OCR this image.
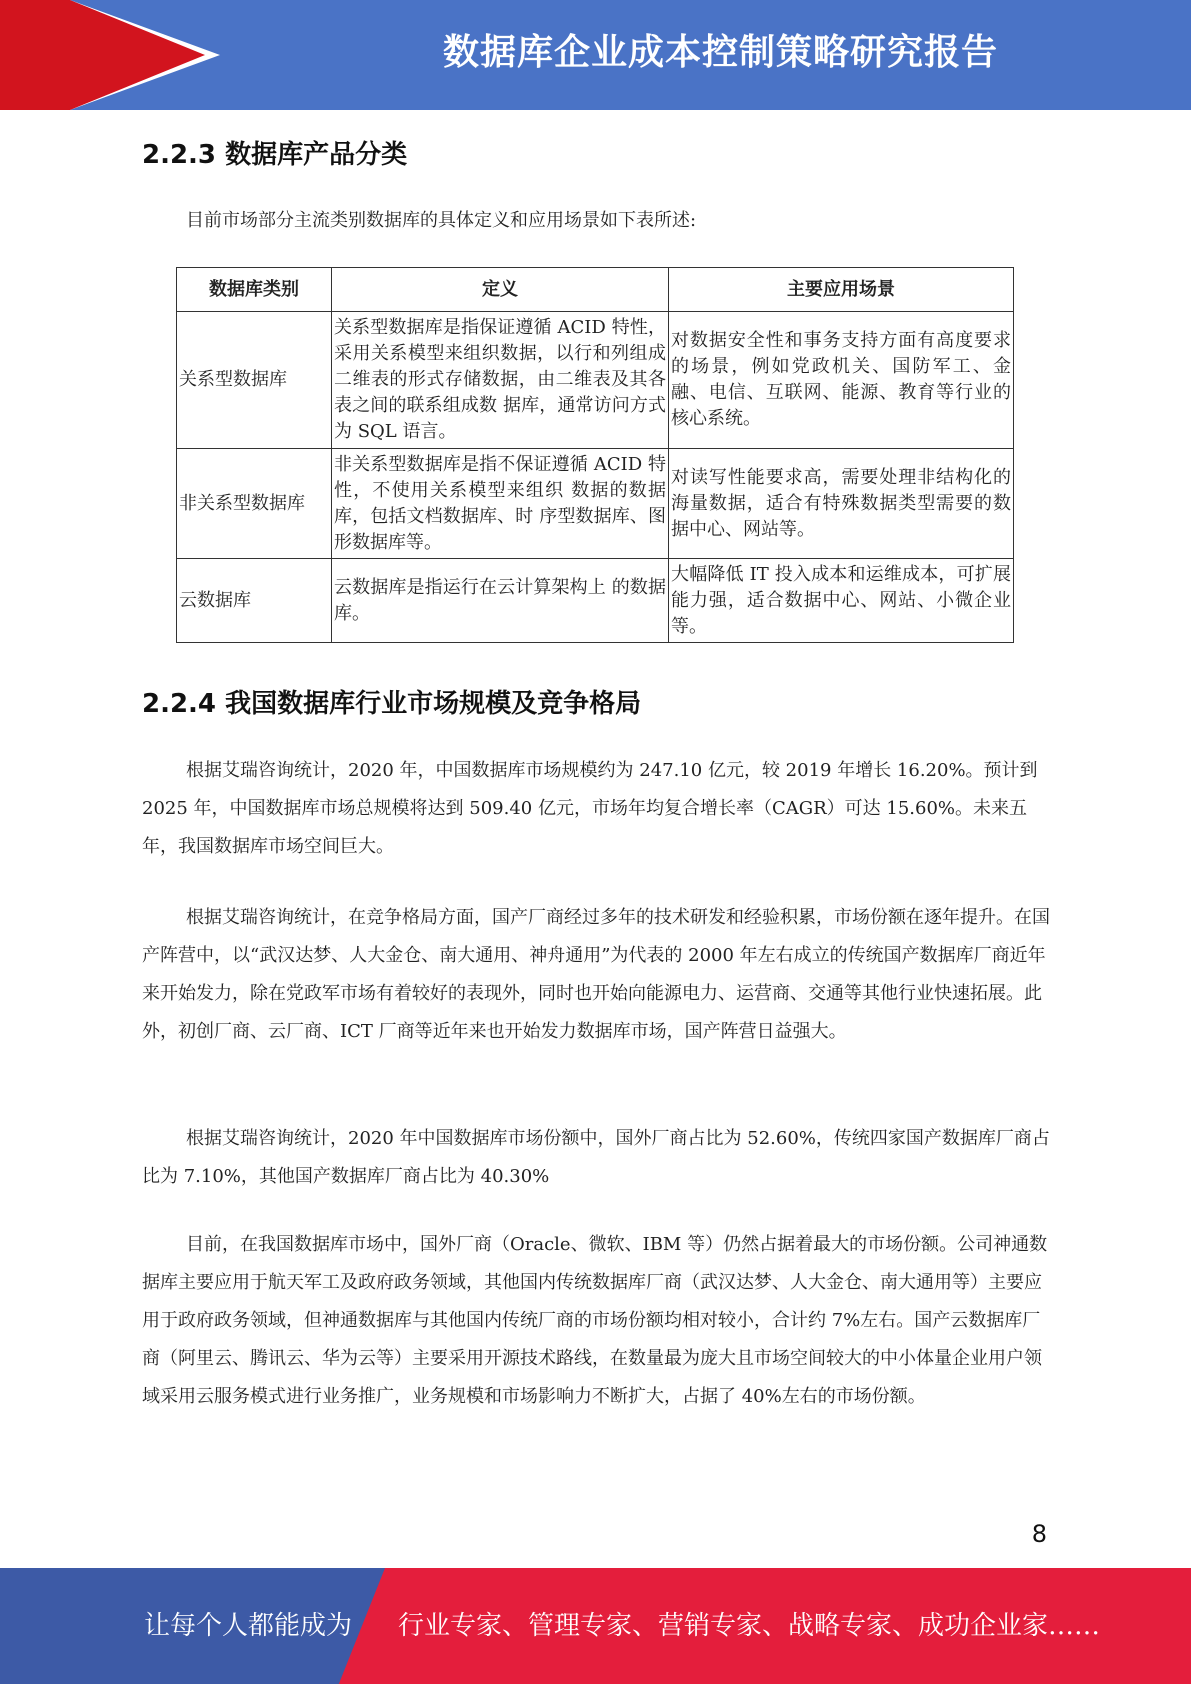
数据库企业成本控制策略研究报告
2.2.3 数据库产品分类

目前市场部分主流类别数据库的具体定义和应用场景如下表所述:

数据库类别	定义	主要应用场景
关系型数据库	关系型数据库是指保证遵循 ACID 特性，采用关系模型来组织数据，以行和列组成二维表的形式存储数据，由二维表及其各表之间的联系组成数 据库，通常访问方式为 SQL 语言。	对数据安全性和事务支持方面有高度要求的场景，例如党政机关、国防军工、金融、电信、互联网、能源、教育等行业的核心系统。
非关系型数据库	非关系型数据库是指不保证遵循 ACID 特性，不使用关系模型来组织 数据的数据库，包括文档数据库、时 序型数据库、图形数据库等。	对读写性能要求高，需要处理非结构化的海量数据，适合有特殊数据类型需要的数据中心、网站等。
云数据库	云数据库是指运行在云计算架构上 的数据库。	大幅降低 IT 投入成本和运维成本，可扩展能力强，适合数据中心、网站、小微企业等。
2.2.4 我国数据库行业市场规模及竞争格局

根据艾瑞咨询统计，2020 年，中国数据库市场规模约为 247.10 亿元，较 2019 年增长 16.20%。预计到 2025 年，中国数据库市场总规模将达到 509.40 亿元，市场年均复合增长率（CAGR）可达 15.60%。未来五年，我国数据库市场空间巨大。

根据艾瑞咨询统计，在竞争格局方面，国产厂商经过多年的技术研发和经验积累，市场份额在逐年提升。在国产阵营中，以“武汉达梦、人大金仓、南大通用、神舟通用”为代表的 2000 年左右成立的传统国产数据库厂商近年来开始发力，除在党政军市场有着较好的表现外，同时也开始向能源电力、运营商、交通等其他行业快速拓展。此外，初创厂商、云厂商、ICT 厂商等近年来也开始发力数据库市场，国产阵营日益强大。

根据艾瑞咨询统计，2020 年中国数据库市场份额中，国外厂商占比为 52.60%，传统四家国产数据库厂商占比为 7.10%，其他国产数据库厂商占比为 40.30%

目前，在我国数据库市场中，国外厂商（Oracle、微软、IBM 等）仍然占据着最大的市场份额。公司神通数据库主要应用于航天军工及政府政务领域，其他国内传统数据库厂商（武汉达梦、人大金仓、南大通用等）主要应用于政府政务领域，但神通数据库与其他国内传统厂商的市场份额均相对较小，合计约 7%左右。国产云数据库厂商（阿里云、腾讯云、华为云等）主要采用开源技术路线，在数量最为庞大且市场空间较大的中小体量企业用户领域采用云服务模式进行业务推广，业务规模和市场影响力不断扩大，占据了 40%左右的市场份额。

8
让每个人都能成为 行业专家、管理专家、营销专家、战略专家、成功企业家……
